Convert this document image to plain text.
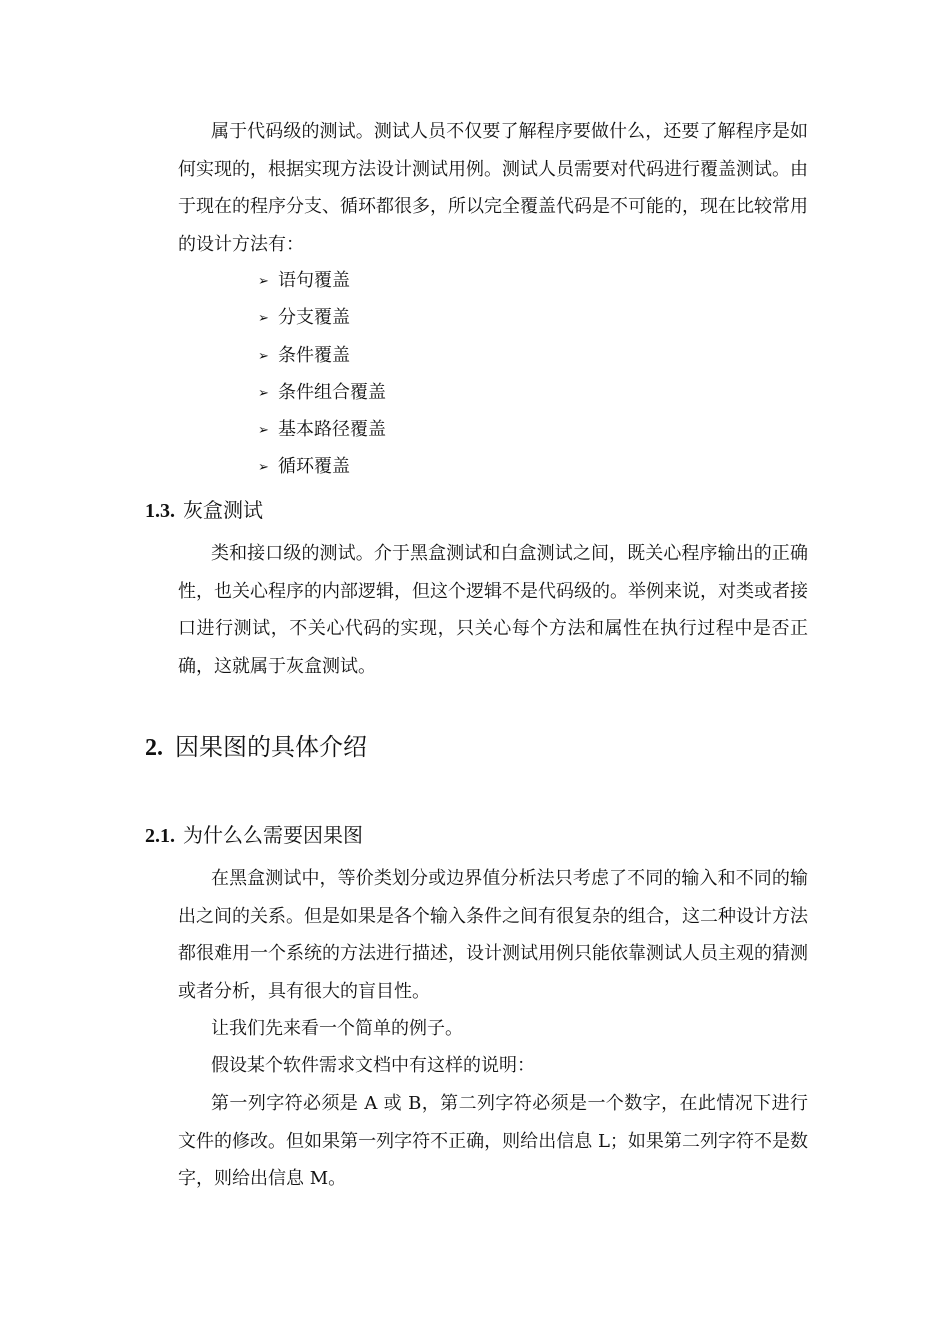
属于代码级的测试。测试人员不仅要了解程序要做什么，还要了解程序是如何实现的，根据实现方法设计测试用例。测试人员需要对代码进行覆盖测试。由于现在的程序分支、循环都很多，所以完全覆盖代码是不可能的，现在比较常用的设计方法有：

➢ 语句覆盖
➢ 分支覆盖
➢ 条件覆盖
➢ 条件组合覆盖
➢ 基本路径覆盖
➢ 循环覆盖
1.3. 灰盒测试

类和接口级的测试。介于黑盒测试和白盒测试之间，既关心程序输出的正确性，也关心程序的内部逻辑，但这个逻辑不是代码级的。举例来说，对类或者接口进行测试，不关心代码的实现，只关心每个方法和属性在执行过程中是否正确，这就属于灰盒测试。

2. 因果图的具体介绍
2.1. 为什么么需要因果图

在黑盒测试中，等价类划分或边界值分析法只考虑了不同的输入和不同的输出之间的关系。但是如果是各个输入条件之间有很复杂的组合，这二种设计方法都很难用一个系统的方法进行描述，设计测试用例只能依靠测试人员主观的猜测或者分析，具有很大的盲目性。

让我们先来看一个简单的例子。

假设某个软件需求文档中有这样的说明：

第一列字符必须是 A 或 B，第二列字符必须是一个数字，在此情况下进行文件的修改。但如果第一列字符不正确，则给出信息 L；如果第二列字符不是数字，则给出信息 M。
